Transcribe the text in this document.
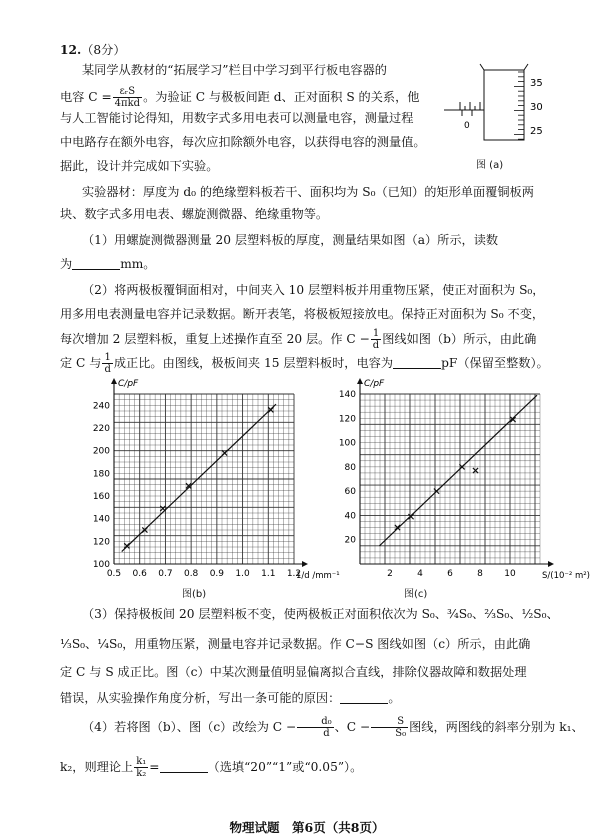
12.（8分）
某同学从教材的“拓展学习”栏目中学习到平行板电容器的
电容 $C = \frac{\text{εᵣS}}{\text{4πkd}}$ 。为验证 C 与极板间距 d、正对面积 S 的关系，他
与人工智能讨论得知，用数字式多用电表可以测量电容，测量过程
中电路存在额外电容，每次应扣除额外电容，以获得电容的测量值。
据此，设计并完成如下实验。
0
35
30
25
图 (a)
实验器材：厚度为 d₀ 的绝缘塑料板若干、面积均为 S₀（已知）的矩形单面覆铜板两
块、数字式多用电表、螺旋测微器、绝缘重物等。
（1）用螺旋测微器测量 20 层塑料板的厚度，测量结果如图（a）所示，读数
为	mm。
（2）将两极板覆铜面相对，中间夹入 10 层塑料板并用重物压紧，使正对面积为 S₀，
用多用电表测量电容并记录数据。断开表笔，将极板短接放电。保持正对面积为 S₀ 不变，
每次增加 2 层塑料板，重复上述操作直至 20 层。作 $C - \frac{1}{d}$ 图线如图（b）所示，由此确
定 C 与 $\frac{1}{d}$ 成正比。由图线，极板间夹 15 层塑料板时，电容为	pF（保留至整数）。
100
120
140
160
180
200
220
240
0.5 0.6 0.7 0.8 0.9 1.0 1.1 1.2
C/pF
1/d /mm⁻¹
图(b)
20
40
60
80
100
120
140
2	4	6	8 10
C/pF
S/(10⁻² m²)
图(c)
（3）保持极板间 20 层塑料板不变，使两极板正对面积依次为 S₀、¾S₀、⅔S₀、½S₀、
⅓S₀、¼S₀，用重物压紧，测量电容并记录数据。作 C−S 图线如图（c）所示，由此确
定 C 与 S 成正比。图（c）中某次测量值明显偏离拟合直线，排除仪器故障和数据处理
错误，从实验操作角度分析，写出一条可能的原因：	。
（4）若将图（b）、图（c）改绘为 $C - \frac{\text{d₀}}{d}$ 、$C - \frac{S}{\text{S₀}}$ 图线，两图线的斜率分别为 k₁、
k₂，则理论上 $\frac{\text{k₁}}{\text{k₂}}$ =	（选填“20”“1”或“0.05”）。
物理试题　第6页（共8页）
